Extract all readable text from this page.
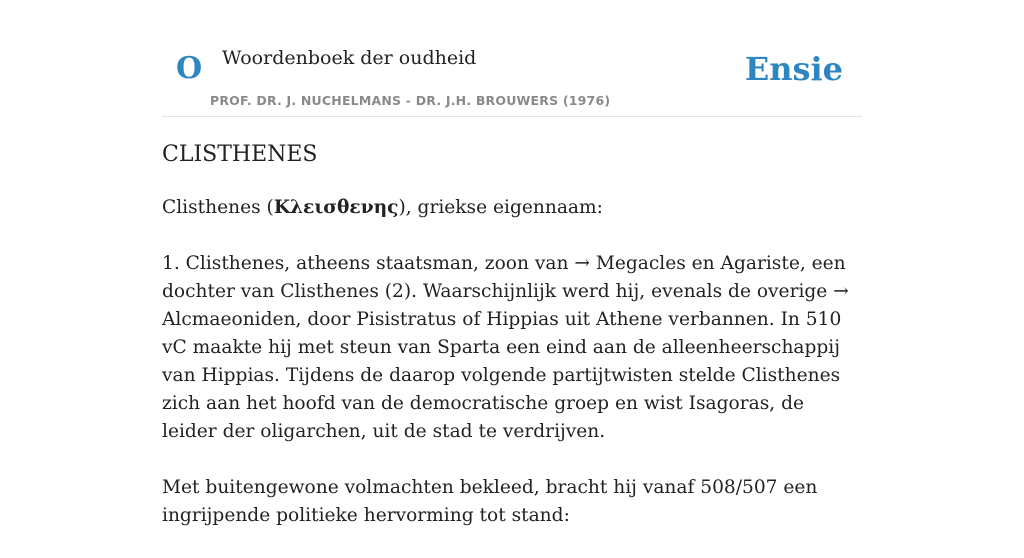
O Woordenboek der oudheid
PROF. DR. J. NUCHELMANS - DR. J.H. BROUWERS (1976)
Ensie
CLISTHENES

Clisthenes (Κλεισθενης), griekse eigennaam:

1. Clisthenes, atheens staatsman, zoon van → Megacles en Agariste, een dochter van Clisthenes (2). Waarschijnlijk werd hij, evenals de overige → Alcmaeoniden, door Pisistratus of Hippias uit Athene verbannen. In 510 vC maakte hij met steun van Sparta een eind aan de alleenheerschappij van Hippias. Tijdens de daarop volgende partijtwisten stelde Clisthenes zich aan het hoofd van de democratische groep en wist Isagoras, de leider der oligarchen, uit de stad te verdrijven.

Met buitengewone volmachten bekleed, bracht hij vanaf 508/507 een ingrijpende politieke hervorming tot stand:
